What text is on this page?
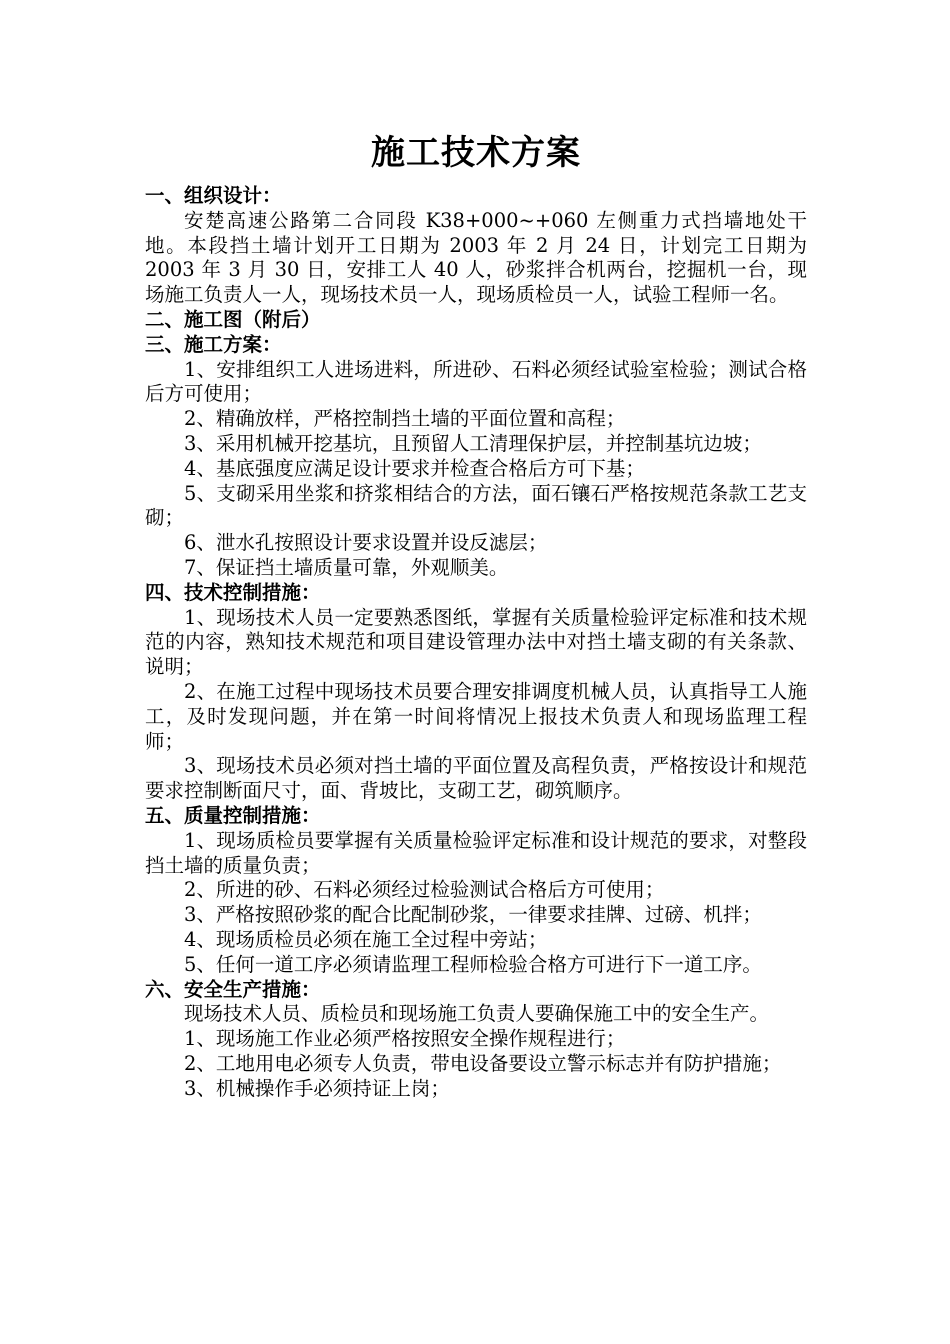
施工技术方案
一、组织设计：
安楚高速公路第二合同段 K38+000~+060 左侧重力式挡墙地处干地。本段挡土墙计划开工日期为 2003 年 2 月 24 日，计划完工日期为 2003 年 3 月 30 日，安排工人 40 人，砂浆拌合机两台，挖掘机一台，现场施工负责人一人，现场技术员一人，现场质检员一人，试验工程师一名。
二、施工图（附后）
三、施工方案：
1、安排组织工人进场进料，所进砂、石料必须经试验室检验；测试合格后方可使用；
2、精确放样，严格控制挡土墙的平面位置和高程；
3、采用机械开挖基坑，且预留人工清理保护层，并控制基坑边坡；
4、基底强度应满足设计要求并检查合格后方可下基；
5、支砌采用坐浆和挤浆相结合的方法，面石镶石严格按规范条款工艺支砌；
6、泄水孔按照设计要求设置并设反滤层；
7、保证挡土墙质量可靠，外观顺美。
四、技术控制措施：
1、现场技术人员一定要熟悉图纸，掌握有关质量检验评定标准和技术规范的内容，熟知技术规范和项目建设管理办法中对挡土墙支砌的有关条款、说明；
2、在施工过程中现场技术员要合理安排调度机械人员，认真指导工人施工，及时发现问题，并在第一时间将情况上报技术负责人和现场监理工程师；
3、现场技术员必须对挡土墙的平面位置及高程负责，严格按设计和规范要求控制断面尺寸，面、背坡比，支砌工艺，砌筑顺序。
五、质量控制措施：
1、现场质检员要掌握有关质量检验评定标准和设计规范的要求，对整段挡土墙的质量负责；
2、所进的砂、石料必须经过检验测试合格后方可使用；
3、严格按照砂浆的配合比配制砂浆，一律要求挂牌、过磅、机拌；
4、现场质检员必须在施工全过程中旁站；
5、任何一道工序必须请监理工程师检验合格方可进行下一道工序。
六、安全生产措施：
现场技术人员、质检员和现场施工负责人要确保施工中的安全生产。
1、现场施工作业必须严格按照安全操作规程进行；
2、工地用电必须专人负责，带电设备要设立警示标志并有防护措施；
3、机械操作手必须持证上岗；
